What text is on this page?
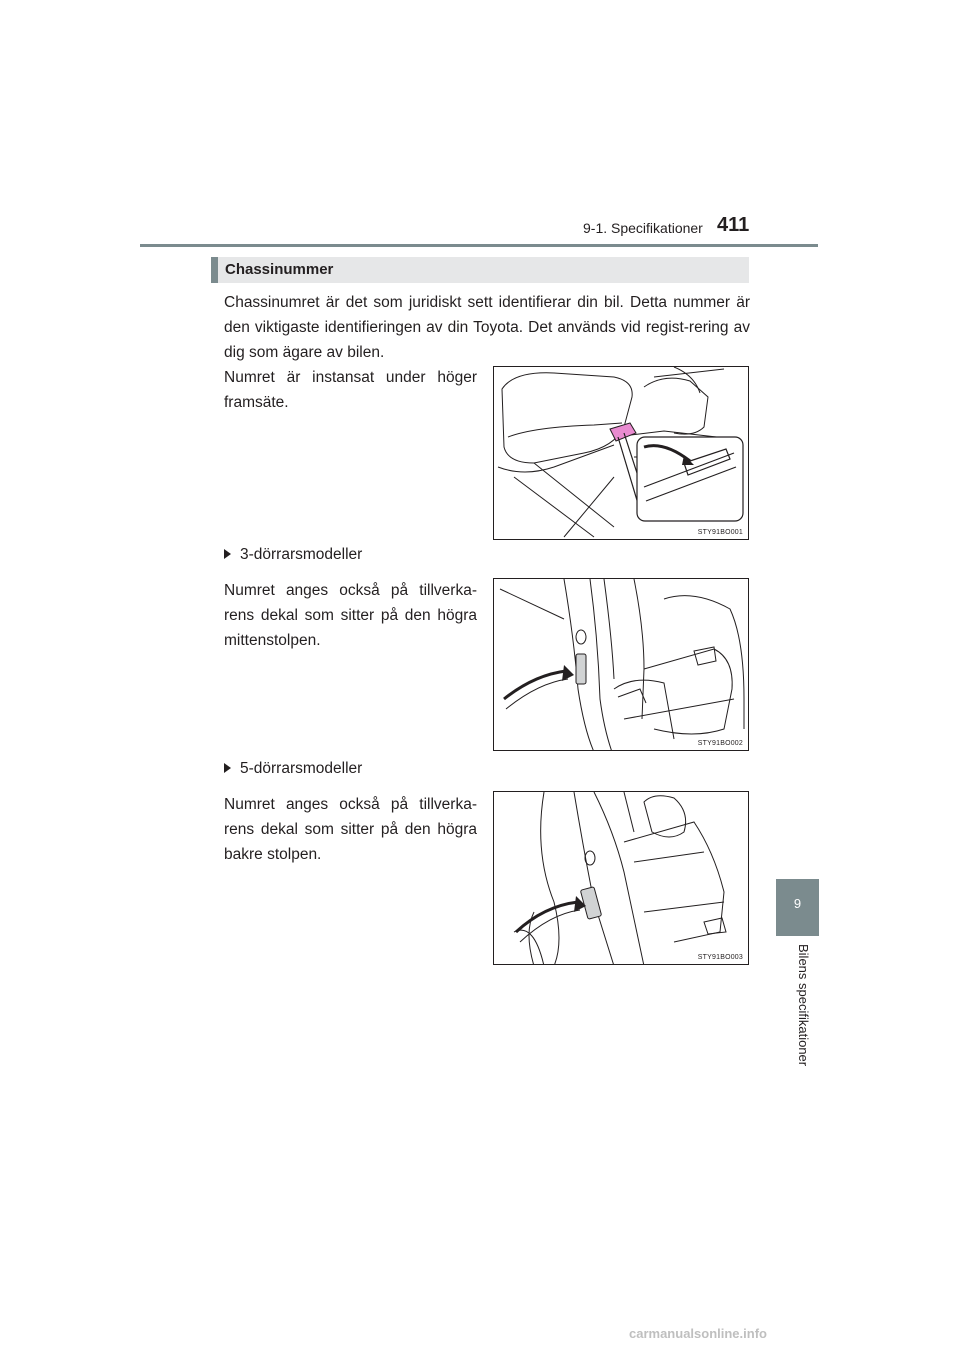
9-1. Specifikationer 411
9
Bilens specifikationer
Chassinummer

Chassinumret är det som juridiskt sett identifierar din bil. Detta nummer är den viktigaste identifieringen av din Toyota. Det används vid regist-rering av dig som ägare av bilen.

Numret är instansat under höger framsäte.

STY91BO001
3-dörrarsmodeller

Numret anges också på tillverka-rens dekal som sitter på den högra mittenstolpen.

STY91BO002
5-dörrarsmodeller

Numret anges också på tillverka-rens dekal som sitter på den högra bakre stolpen.

STY91BO003
carmanualsonline.info
